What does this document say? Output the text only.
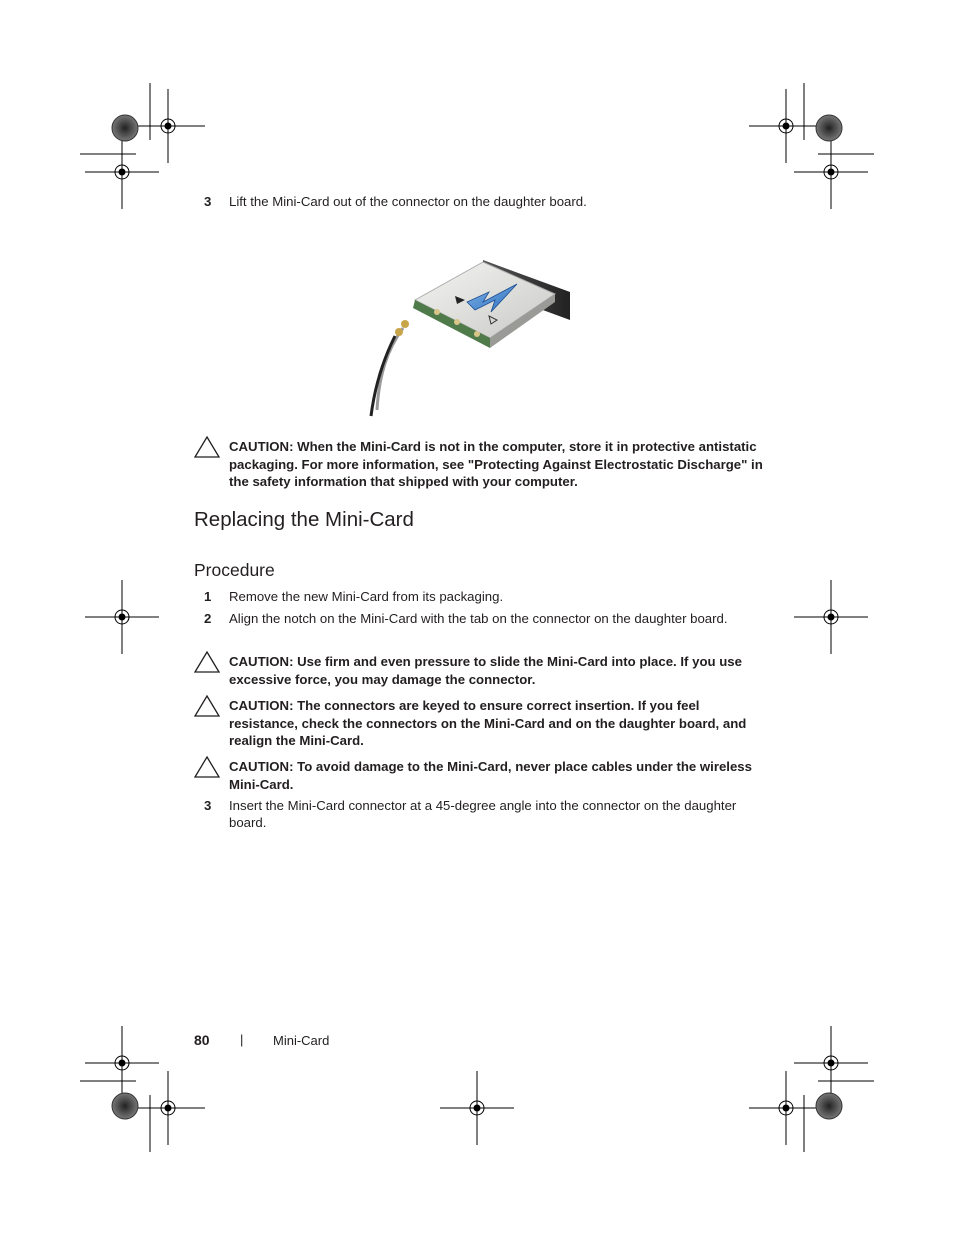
3 Lift the Mini-Card out of the connector on the daughter board.
CAUTION: When the Mini-Card is not in the computer, store it in protective antistatic packaging. For more information, see "Protecting Against Electrostatic Discharge" in the safety information that shipped with your computer.
Replacing the Mini-Card
Procedure
1 Remove the new Mini-Card from its packaging.
2 Align the notch on the Mini-Card with the tab on the connector on the daughter board.
CAUTION: Use firm and even pressure to slide the Mini-Card into place. If you use excessive force, you may damage the connector.
CAUTION: The connectors are keyed to ensure correct insertion. If you feel resistance, check the connectors on the Mini-Card and on the daughter board, and realign the Mini-Card.
CAUTION: To avoid damage to the Mini-Card, never place cables under the wireless Mini-Card.
3 Insert the Mini-Card connector at a 45-degree angle into the connector on the daughter board.
80 | Mini-Card
